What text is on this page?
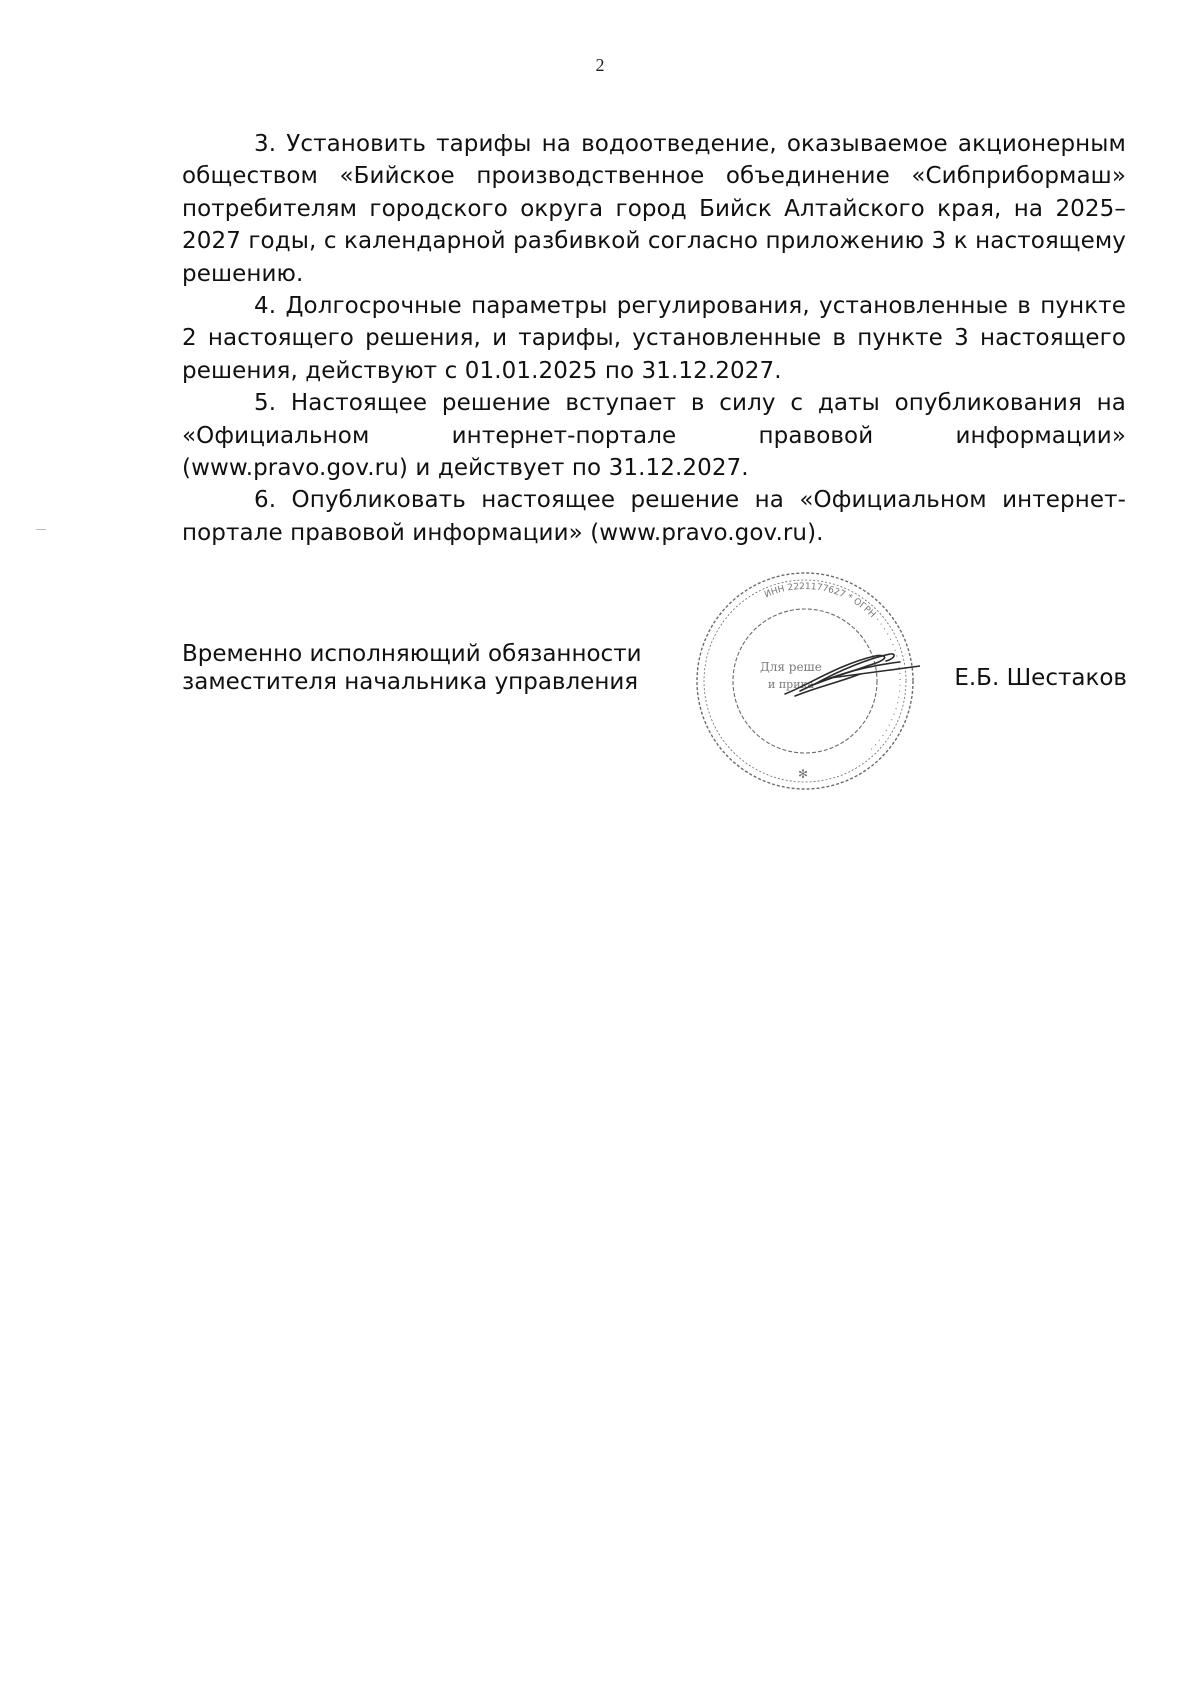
2

3. Установить тарифы на водоотведение, оказываемое акционерным обществом «Бийское производственное объединение «Сибприбормаш» потребителям городского округа город Бийск Алтайского края, на 2025–2027 годы, с календарной разбивкой согласно приложению 3 к настоящему решению.

4. Долгосрочные параметры регулирования, установленные в пункте 2 настоящего решения, и тарифы, установленные в пункте 3 настоящего решения, действуют с 01.01.2025 по 31.12.2027.

5. Настоящее решение вступает в силу с даты опубликования на «Официальном интернет-портале правовой информации» (www.pravo.gov.ru) и действует по 31.12.2027.

6. Опубликовать настоящее решение на «Официальном интернет-портале правовой информации» (www.pravo.gov.ru).

Временно исполняющий обязанности
заместителя начальника управления
ИНН 2221177627 * ОГРН · · · · · · · · · · · · · · · · · · · · · · · · ·
Для реше
и прика
✻
Е.Б. Шестаков
